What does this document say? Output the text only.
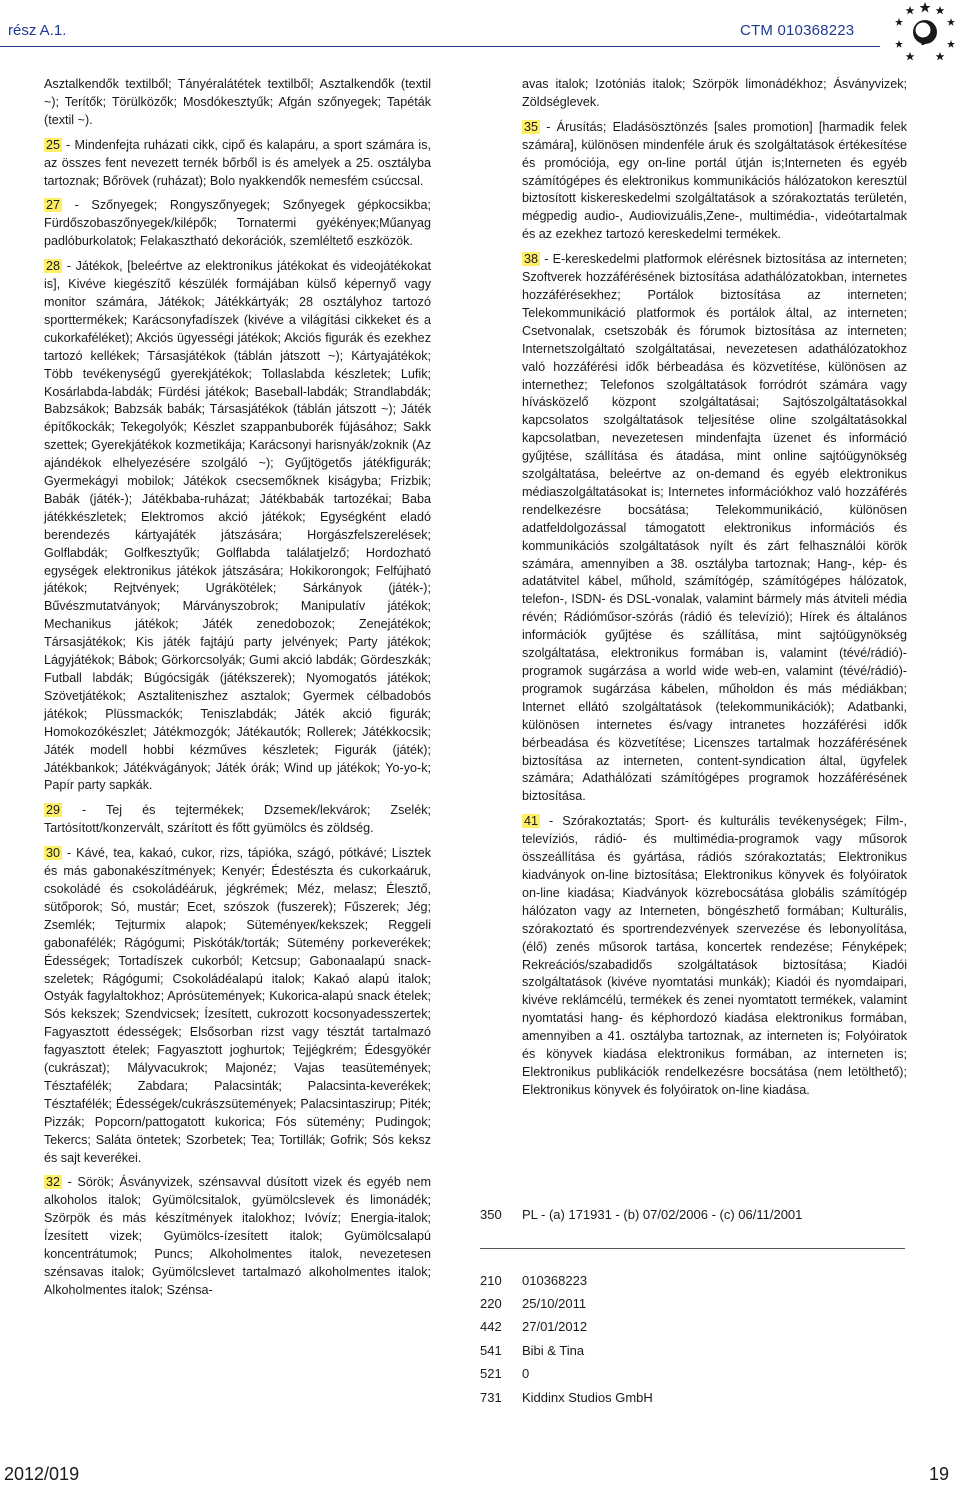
rész A.1.	CTM 010368223

Asztalkendők textilből; Tányéralátétek textilből; Asztalkendők (textil ~); Terítők; Törülközők; Mosdókesztyűk; Afgán szőnyegek; Tapéták (textil ~).

25 - Mindenfejta ruházati cikk, cipő és kalapáru, a sport számára is, az összes fent nevezett ternék bőrből is és amelyek a 25. osztályba tartoznak; Bőrövek (ruházat); Bolo nyakkendők nemesfém csúccsal.

27 - Szőnyegek; Rongyszőnyegek; Szőnyegek gépkocsikba; Fürdőszobaszőnyegek/kilépők; Tornatermi gyékényeк;Műanyag padlóburkolatok; Felakasztható dekorációk, szemléltető eszközök.

28 - Játékok, [beleértve az elektronikus játékokat és videojátékokat is], Kivéve kiegészítő készülék formájában külső képernyő vagy monitor számára, Játékok; Játékkártyák; 28 osztályhoz tartozó sporttermékek; Karácsonyfadíszek (kivéve a világítási cikkeket és a cukorkaféléket); Akciós ügyességi játékok; Akciós figurák és ezekhez tartozó kellékek; Társasjátékok (táblán játszott ~); Kártyajátékok; Több tevékenységű gyerekjátékok; Tollaslabda készletek; Lufik; Kosárlabda-labdák; Fürdési játékok; Baseball-labdák; Strandlabdák; Babzsákok; Babzsák babák; Társasjátékok (táblán játszott ~); Játék építőkockák; Tekegolyók; Készlet szappanbuborék fújásához; Sakk szettek; Gyerekjátékok kozmetikája; Karácsonyi harisnyák/zoknik (Az ajándékok elhelyezésére szolgáló ~); Gyűjtögetős játékfigurák; Gyermekágyi mobilok; Játékok csecsemőknek kiságyba; Frizbik; Babák (játék-); Játékbaba-ruházat; Játékbabák tartozékai; Baba játékkészletek; Elektromos akció játékok; Egységként eladó berendezés kártyajáték játszására; Horgászfelszerelések; Golflabdák; Golfkesztyűk; Golflabda találatjelző; Hordozható egységek elektronikus játékok játszására; Hokikorongok; Felfújható játékok; Rejtvények; Ugrákötélek; Sárkányok (játék-); Bűvészmutatványok; Márványszobrok; Manipulatív játékok; Mechanikus játékok; Játék zenedobozok; Zenejátékok; Társasjátékok; Kis játék fajtájú party jelvények; Party játékok; Lágyjátékok; Bábok; Görkorcsolyák; Gumi akció labdák; Gördeszkák; Futball labdák; Búgócsigák (játékszerek); Nyomogatós játékok; Szövetjátékok; Asztaliteniszhez asztalok; Gyermek célbadobós játékok; Plüssmackók; Teniszlabdák; Játék akció figurák; Homokozókészlet; Játékmozgók; Játékautók; Rollerek; Játékkocsik; Játék modell hobbi kézműves készletek; Figurák (játék); Játékbankok; Játékvágányok; Játék órák; Wind up játékok; Yo-yo-k; Papír party sapkák.

29 - Tej és tejtermékek; Dzsemek/lekvárok; Zselék; Tartósított/konzervált, szárított és főtt gyümölcs és zöldség.

30 - Kávé, tea, kakaó, cukor, rizs, tápióka, szágó, pótkávé; Lisztek és más gabonakészítmények; Kenyér; Édestészta és cukorkaáruk, csokoládé és csokoládéáruk, jégkrémek; Méz, melasz; Élesztő, sütőporok; Só, mustár; Ecet, szószok (fuszerek); Fűszerek; Jég; Zsemlék; Tejturmix alapok; Süteményeк/kekszek; Reggeli gabonafélék; Rágógumi; Piskóták/torták; Sütemény porkeverékek; Édességek; Tortadíszek cukorból; Ketcsup; Gabonaalapú snack-szeletek; Rágógumi; Csokoládéalapú italok; Kakaó alapú italok; Ostyák fagylaltokhoz; Aprósütemények; Kukorica-alapú snack ételek; Sós kekszek; Szendvicsek; Ízesített, cukrozott kocsonyadesszertek; Fagyasztott édességek; Elsősorban rizst vagy tésztát tartalmazó fagyasztott ételek; Fagyasztott joghurtok; Tejjégkrém; Édesgyökér (cukrászat); Mályvacukrok; Majonéz; Vajas teasütemények; Tésztafélék; Zabdara; Palacsinták; Palacsinta-keverékek; Tésztafélék; Édességek/cukrászsütemények; Palacsintaszirup; Piték; Pizzák; Popcorn/pattogatott kukorica; Fós sütemény; Pudingok; Tekercs; Saláta öntetek; Szorbetek; Tea; Tortillák; Gofrik; Sós keksz és sajt keverékei.

32 - Sörök; Ásványvizek, szénsavval dúsított vizek és egyéb nem alkoholos italok; Gyümölcsitalok, gyümölcslevek és limonádék; Szörpök és más készítmények italokhoz; Ivóvíz; Energia-italok; Ízesített vizek; Gyümölcs-ízesített italok; Gyümölcsalapú koncentrátumok; Puncs; Alkoholmentes italok, nevezetesen szénsavas italok; Gyümölcslevet tartalmazó alkoholmentes italok; Alkoholmentes italok; Szénsa-

avas italok; Izotóniás italok; Szörpök limonádékhoz; Ásványvizek; Zöldséglevek.

35 - Árusítás; Eladásösztönzés [sales promotion] [harmadik felek számára], különösen mindenféle áruk és szolgáltatások értékesítése és promóciója, egy on-line portál útján is;Interneten és egyéb számítógépes és elektronikus kommunikációs hálózatokon keresztül biztosított kiskereskedelmi szolgáltatások a szórakoztatás területén, mégpedig audio-, Audiovizuális,Zene-, multimédia-, videótartalmak és az ezekhez tartozó kereskedelmi termékek.

38 - E-kereskedelmi platformok elérésnek biztosítása az interneten; Szoftverek hozzáférésének biztosítása adathálózatokban, internetes hozzáférésekhez; Portálok biztosítása az interneten; Telekommunikáció platformok és portálok által, az interneten; Csetvonalak, csetszobák és fórumok biztosítása az interneten; Internetszolgáltató szolgáltatásai, nevezetesen adathálózatokhoz való hozzáférési idők bérbeadása és közvetítése, különösen az internethez; Telefonos szolgáltatások forródrót számára vagy hívásközelő központ szolgáltatásai; Sajtószolgáltatásokkal kapcsolatos szolgáltatások teljesítése oline szolgáltatásokkal kapcsolatban, nevezetesen mindenfajta üzenet és információ gyűjtése, szállítása és átadása, mint online sajtóügynökség szolgáltatása, beleértve az on-demand és egyéb elektronikus médiaszolgáltatásokat is; Internetes információkhoz való hozzáférés rendelkezésre bocsátása; Telekommunikáció, különösen adatfeldolgozással támogatott elektronikus információs és kommunikációs szolgáltatások nyílt és zárt felhasználói körök számára, amennyiben a 38. osztályba tartoznak; Hang-, kép- és adatátvitel kábel, műhold, számítógép, számítógépes hálózatok, telefon-, ISDN- és DSL-vonalak, valamint bármely más átviteli média révén; Rádióműsor-szórás (rádió és televízió); Hírek és általános információk gyűjtése és szállítása, mint sajtóügynökség szolgáltatása, elektronikus formában is, valamint (tévé/rádió)-programok sugárzása a world wide web-en, valamint (tévé/rádió)-programok sugárzása kábelen, műholdon és más médiákban; Internet ellátó szolgáltatások (telekommunikációk); Adatbanki, különösen internetes és/vagy intranetes hozzáférési idők bérbeadása és közvetítése; Licenszes tartalmak hozzáférésének biztosítása az interneten, content-syndication által, ügyfelek számára; Adathálózati számítógépes programok hozzáférésének biztosítása.

41 - Szórakoztatás; Sport- és kulturális tevékenységek; Film-, televíziós, rádió- és multimédia-programok vagy műsorok összeállítása és gyártása, rádiós szórakoztatás; Elektronikus kiadványok on-line biztosítása; Elektronikus könyvek és folyóiratok on-line kiadása; Kiadványok közrebocsátása globális számítógép hálózaton vagy az Interneten, böngészhető formában; Kulturális, szórakoztató és sportrendezvények szervezése és lebonyolítása, (élő) zenés műsorok tartása, koncertek rendezése; Fényképek; Rekreációs/szabadidős szolgáltatások biztosítása; Kiadói szolgáltatások (kivéve nyomtatási munkák); Kiadói és nyomdaipari, kivéve reklámcélú, termékek és zenei nyomtatott termékek, valamint nyomtatási hang- és képhordozó kiadása elektronikus formában, amennyiben a 41. osztályba tartoznak, az interneten is; Folyóiratok és könyvek kiadása elektronikus formában, az interneten is; Elektronikus publikációk rendelkezésre bocsátása (nem letölthető); Elektronikus könyvek és folyóiratok on-line kiadása.

350 PL - (a) 171931 - (b) 07/02/2006 - (c) 06/11/2001
210 010368223
220 25/10/2011
442 27/01/2012
541 Bibi & Tina
521 0
731 Kiddinx Studios GmbH
2012/019	19
